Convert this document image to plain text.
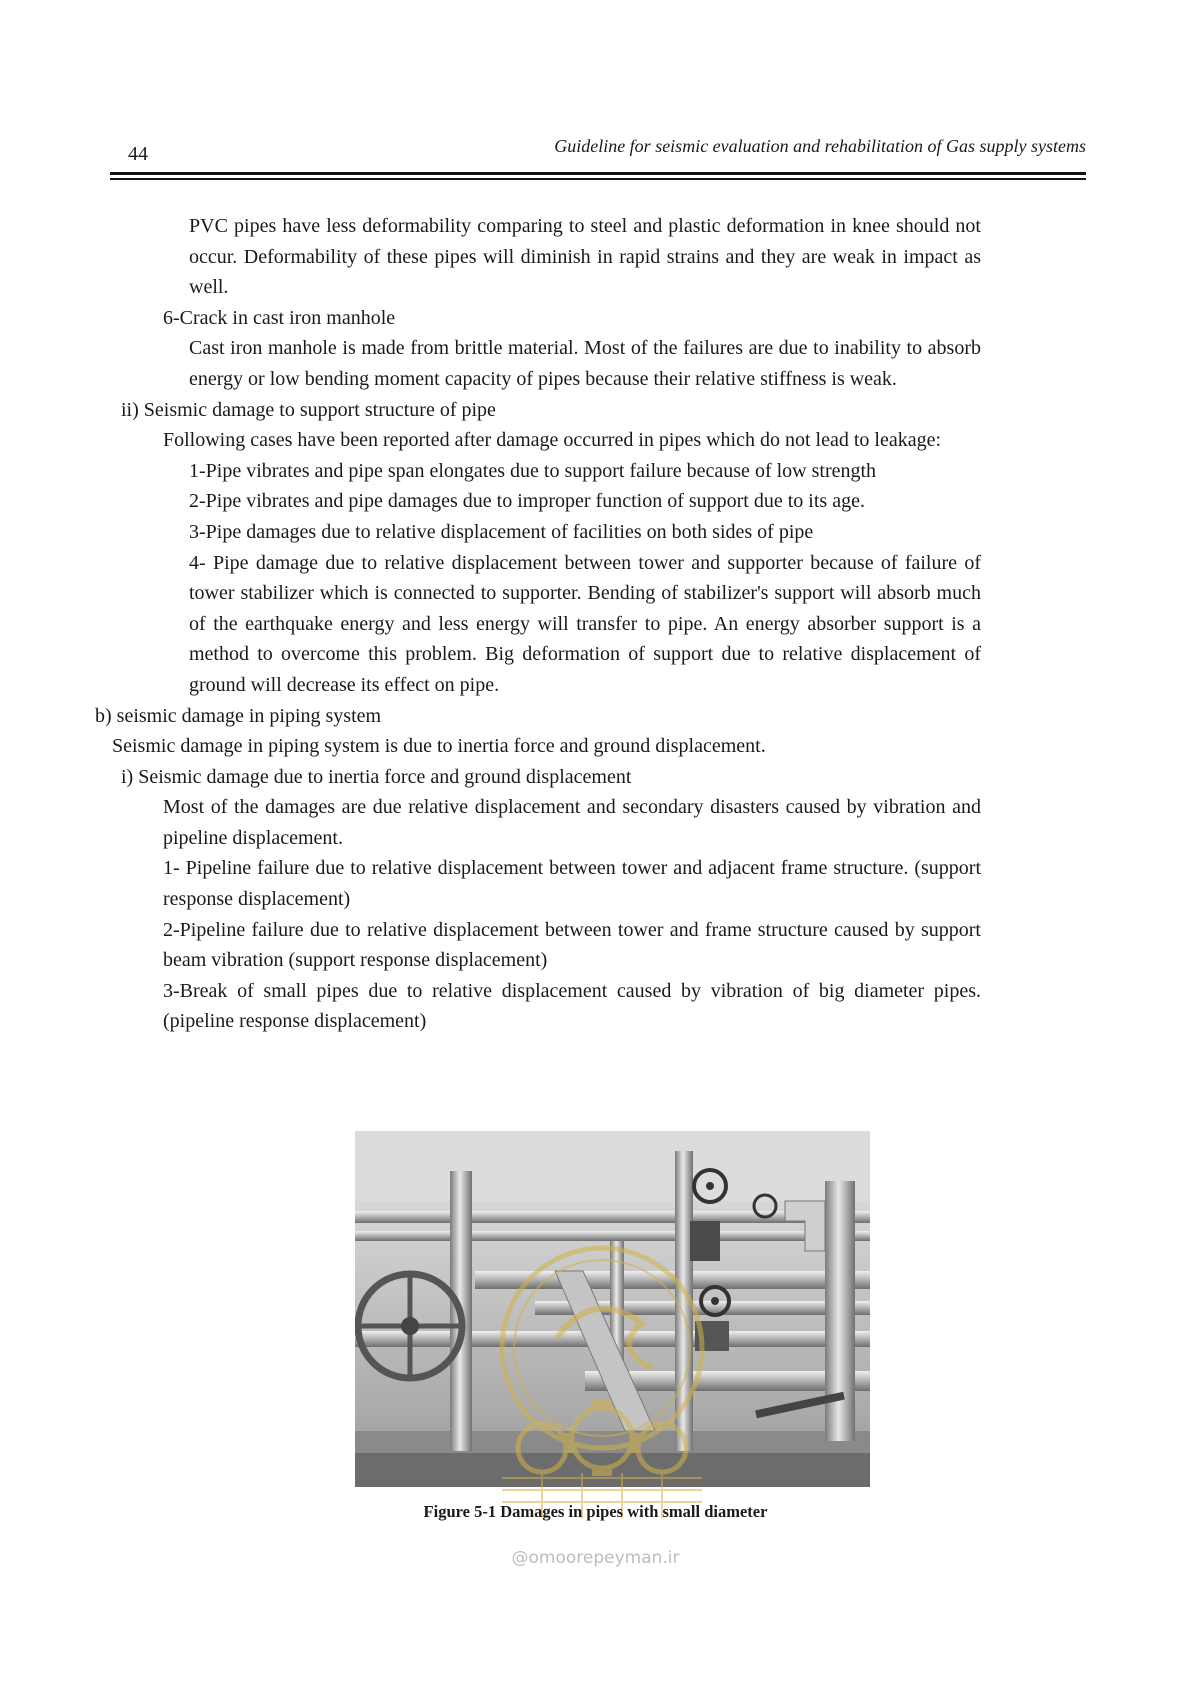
44	Guideline for seismic evaluation and rehabilitation of Gas supply systems

PVC pipes have less deformability comparing to steel and plastic deformation in knee should not occur. Deformability of these pipes will diminish in rapid strains and they are weak in impact as well.

6-Crack in cast iron manhole

Cast iron manhole is made from brittle material. Most of the failures are due to inability to absorb energy or low bending moment capacity of pipes because their relative stiffness is weak.

ii) Seismic damage to support structure of pipe

Following cases have been reported after damage occurred in pipes which do not lead to leakage:

1-Pipe vibrates and pipe span elongates due to support failure because of low strength

2-Pipe vibrates and pipe damages due to improper function of support due to its age.

3-Pipe damages due to relative displacement of facilities on both sides of pipe

4- Pipe damage due to relative displacement between tower and supporter because of failure of tower stabilizer which is connected to supporter. Bending of stabilizer's support will absorb much of the earthquake energy and less energy will transfer to pipe. An energy absorber support is a method to overcome this problem. Big deformation of support due to relative displacement of ground will decrease its effect on pipe.

b) seismic damage in piping system

Seismic damage in piping system is due to inertia force and ground displacement.

i) Seismic damage due to inertia force and ground displacement

Most of the damages are due relative displacement and secondary disasters caused by vibration and pipeline displacement.

1- Pipeline failure due to relative displacement between tower and adjacent frame structure. (support response displacement)

2-Pipeline failure due to relative displacement between tower and frame structure caused by support beam vibration (support response displacement)

3-Break of small pipes due to relative displacement caused by vibration of big diameter pipes. (pipeline response displacement)

Figure 5-1 Damages in pipes with small diameter
@omoorepeyman.ir
